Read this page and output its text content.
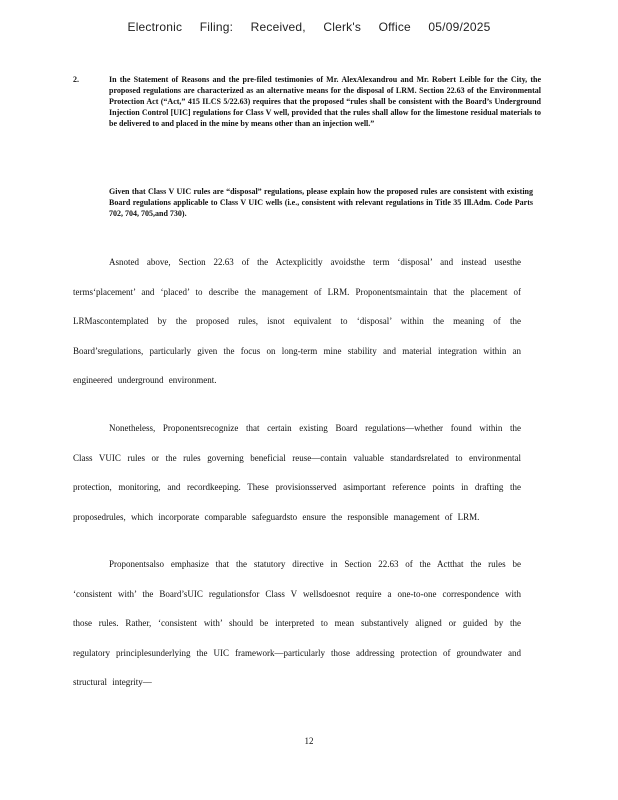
Electronic Filing: Received, Clerk's Office 05/09/2025
2.	In the Statement of Reasons and the pre-filed testimonies of Mr. AlexAlexandrou and Mr. Robert Leible for the City, the proposed regulations are characterized as an alternative means for the disposal of LRM. Section 22.63 of the Environmental Protection Act (“Act,” 415 ILCS 5/22.63) requires that the proposed “rules shall be consistent with the Board’s Underground Injection Control [UIC] regulations for Class V well, provided that the rules shall allow for the limestone residual materials to be delivered to and placed in the mine by means other than an injection well.”

Given that Class V UIC rules are “disposal” regulations, please explain how the proposed rules are consistent with existing Board regulations applicable to Class V UIC wells (i.e., consistent with relevant regulations in Title 35 Ill.Adm. Code Parts 702, 704, 705,and 730).

Asnoted above, Section 22.63 of the Actexplicitly avoidsthe term ‘disposal’ and instead usesthe terms‘placement’ and ‘placed’ to describe the management of LRM. Proponentsmaintain that the placement of LRMascontemplated by the proposed rules, isnot equivalent to ‘disposal’ within the meaning of the Board’sregulations, particularly given the focus on long-term mine stability and material integration within an engineered underground environment.

Nonetheless, Proponentsrecognize that certain existing Board regulations—whether found within the Class VUIC rules or the rules governing beneficial reuse—contain valuable standardsrelated to environmental protection, monitoring, and recordkeeping. These provisionsserved asimportant reference points in drafting the proposedrules, which incorporate comparable safeguardsto ensure the responsible management of LRM.

Proponentsalso emphasize that the statutory directive in Section 22.63 of the Actthat the rules be ‘consistent with’ the Board’sUIC regulationsfor Class V wellsdoesnot require a one-to-one correspondence with those rules. Rather, ‘consistent with’ should be interpreted to mean substantively aligned or guided by the regulatory principlesunderlying the UIC framework—particularly those addressing protection of groundwater and structural integrity—

12
